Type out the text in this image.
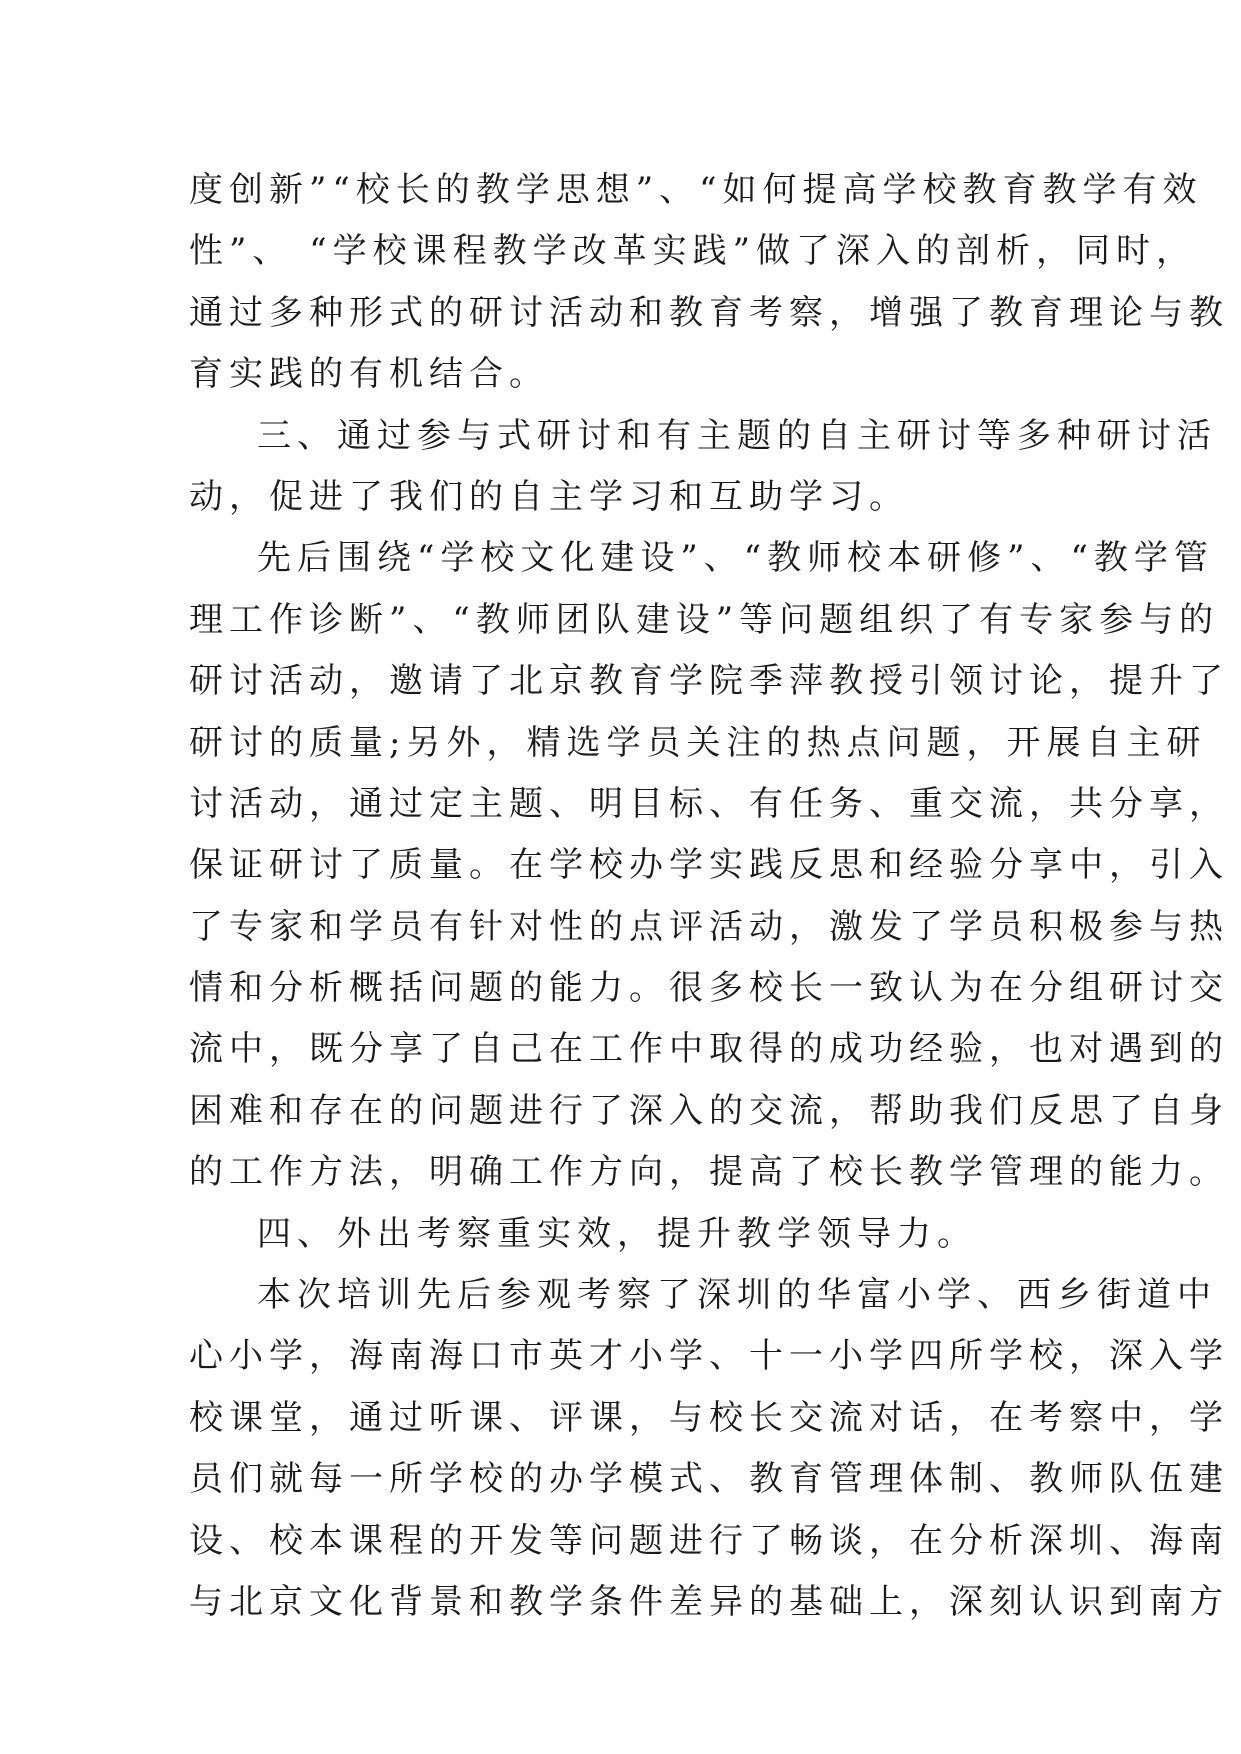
度创新”“校长的教学思想”、“如何提高学校教育教学有效
性”、 “学校课程教学改革实践”做了深入的剖析，同时，
通过多种形式的研讨活动和教育考察，增强了教育理论与教
育实践的有机结合。
三、通过参与式研讨和有主题的自主研讨等多种研讨活
动，促进了我们的自主学习和互助学习。
先后围绕“学校文化建设”、“教师校本研修”、“教学管
理工作诊断”、“教师团队建设”等问题组织了有专家参与的
研讨活动，邀请了北京教育学院季萍教授引领讨论，提升了
研讨的质量;另外，精选学员关注的热点问题，开展自主研
讨活动，通过定主题、明目标、有任务、重交流，共分享，
保证研讨了质量。在学校办学实践反思和经验分享中，引入
了专家和学员有针对性的点评活动，激发了学员积极参与热
情和分析概括问题的能力。很多校长一致认为在分组研讨交
流中，既分享了自己在工作中取得的成功经验，也对遇到的
困难和存在的问题进行了深入的交流，帮助我们反思了自身
的工作方法，明确工作方向，提高了校长教学管理的能力。
四、外出考察重实效，提升教学领导力。
本次培训先后参观考察了深圳的华富小学、西乡街道中
心小学，海南海口市英才小学、十一小学四所学校，深入学
校课堂，通过听课、评课，与校长交流对话，在考察中，学
员们就每一所学校的办学模式、教育管理体制、教师队伍建
设、校本课程的开发等问题进行了畅谈，在分析深圳、海南
与北京文化背景和教学条件差异的基础上，深刻认识到南方
